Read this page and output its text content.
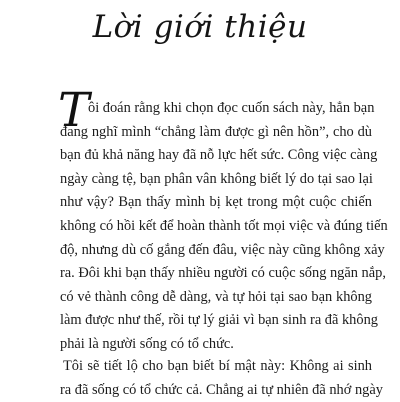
Lời giới thiệu
T
ôi đoán rằng khi chọn đọc cuốn sách này, hẳn bạn
đang nghĩ mình “chẳng làm được gì nên hồn”, cho dù
bạn đủ khả năng hay đã nỗ lực hết sức. Công việc càng
ngày càng tệ, bạn phân vân không biết lý do tại sao lại
như vậy? Bạn thấy mình bị kẹt trong một cuộc chiến
không có hồi kết để hoàn thành tốt mọi việc và đúng tiến
độ, nhưng dù cố gắng đến đâu, việc này cũng không xảy
ra. Đôi khi bạn thấy nhiều người có cuộc sống ngăn nắp,
có vẻ thành công dễ dàng, và tự hỏi tại sao bạn không
làm được như thế, rồi tự lý giải vì bạn sinh ra đã không
phải là người sống có tổ chức.
Tôi sẽ tiết lộ cho bạn biết bí mật này: Không ai sinh
ra đã sống có tổ chức cả. Chẳng ai tự nhiên đã nhớ ngày
